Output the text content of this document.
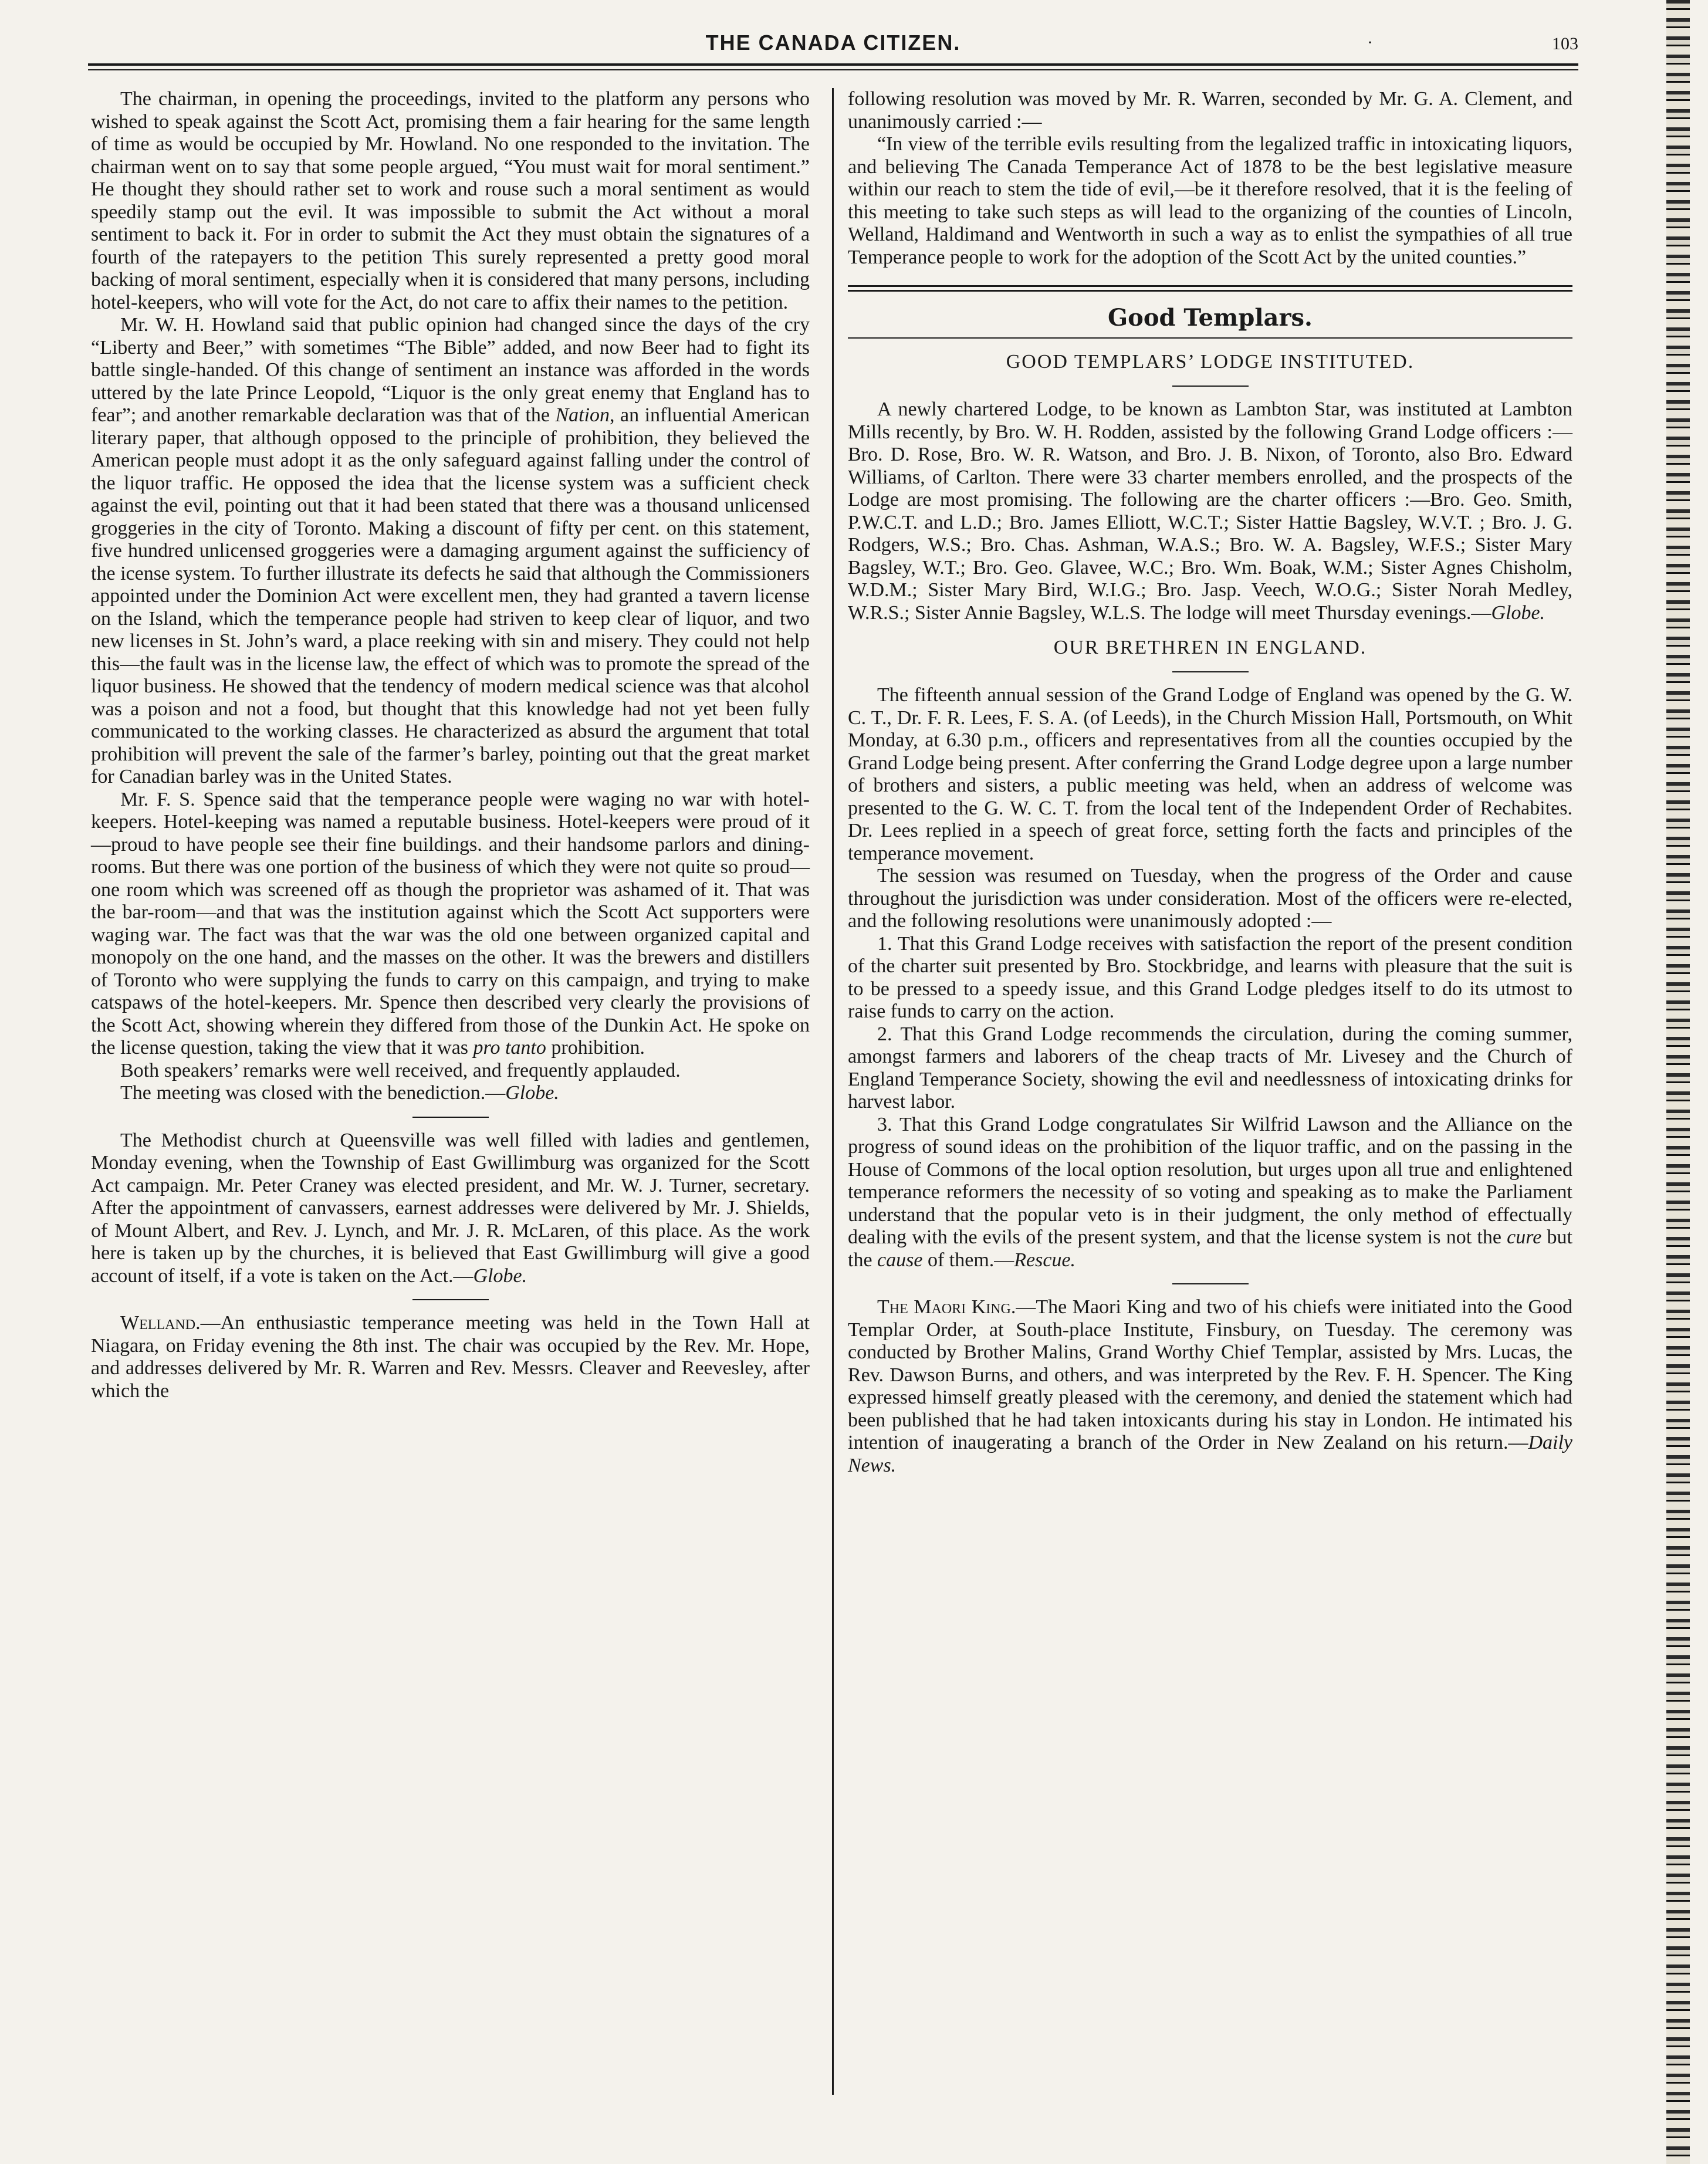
THE CANADA CITIZEN.	·	103

The chairman, in opening the proceedings, invited to the platform any persons who wished to speak against the Scott Act, promising them a fair hearing for the same length of time as would be occupied by Mr. Howland. No one responded to the invitation. The chairman went on to say that some people argued, “You must wait for moral sentiment.” He thought they should rather set to work and rouse such a moral sentiment as would speedily stamp out the evil. It was impossible to submit the Act without a moral sentiment to back it. For in order to submit the Act they must obtain the signatures of a fourth of the ratepayers to the petition This surely represented a pretty good moral backing of moral sentiment, especially when it is considered that many persons, including hotel-keepers, who will vote for the Act, do not care to affix their names to the petition.

Mr. W. H. Howland said that public opinion had changed since the days of the cry “Liberty and Beer,” with sometimes “The Bible” added, and now Beer had to fight its battle single-handed. Of this change of sentiment an instance was afforded in the words uttered by the late Prince Leopold, “Liquor is the only great enemy that England has to fear”; and another remarkable declaration was that of the Nation, an influential American literary paper, that although opposed to the principle of prohibition, they believed the American people must adopt it as the only safeguard against falling under the control of the liquor traffic. He opposed the idea that the license system was a sufficient check against the evil, pointing out that it had been stated that there was a thousand unlicensed groggeries in the city of Toronto. Making a discount of fifty per cent. on this statement, five hundred unlicensed groggeries were a damaging argument against the sufficiency of the icense system. To further illustrate its defects he said that although the Commissioners appointed under the Dominion Act were excellent men, they had granted a tavern license on the Island, which the temperance people had striven to keep clear of liquor, and two new licenses in St. John’s ward, a place reeking with sin and misery. They could not help this—the fault was in the license law, the effect of which was to promote the spread of the liquor business. He showed that the tendency of modern medical science was that alcohol was a poison and not a food, but thought that this knowledge had not yet been fully communicated to the working classes. He characterized as absurd the argument that total prohibition will prevent the sale of the farmer’s barley, pointing out that the great market for Canadian barley was in the United States.

Mr. F. S. Spence said that the temperance people were waging no war with hotel-keepers. Hotel-keeping was named a reputable business. Hotel-keepers were proud of it—proud to have people see their fine buildings. and their handsome parlors and dining-rooms. But there was one portion of the business of which they were not quite so proud—one room which was screened off as though the proprietor was ashamed of it. That was the bar-room—and that was the institution against which the Scott Act supporters were waging war. The fact was that the war was the old one between organized capital and monopoly on the one hand, and the masses on the other. It was the brewers and distillers of Toronto who were supplying the funds to carry on this campaign, and trying to make catspaws of the hotel-keepers. Mr. Spence then described very clearly the provisions of the Scott Act, showing wherein they differed from those of the Dunkin Act. He spoke on the license question, taking the view that it was pro tanto prohibition.

Both speakers’ remarks were well received, and frequently applauded.

The meeting was closed with the benediction.—Globe.

The Methodist church at Queensville was well filled with ladies and gentlemen, Monday evening, when the Township of East Gwillimburg was organized for the Scott Act campaign. Mr. Peter Craney was elected president, and Mr. W. J. Turner, secretary. After the appointment of canvassers, earnest addresses were delivered by Mr. J. Shields, of Mount Albert, and Rev. J. Lynch, and Mr. J. R. McLaren, of this place. As the work here is taken up by the churches, it is believed that East Gwillimburg will give a good account of itself, if a vote is taken on the Act.—Globe.

Welland.—An enthusiastic temperance meeting was held in the Town Hall at Niagara, on Friday evening the 8th inst. The chair was occupied by the Rev. Mr. Hope, and addresses delivered by Mr. R. Warren and Rev. Messrs. Cleaver and Reevesley, after which the

following resolution was moved by Mr. R. Warren, seconded by Mr. G. A. Clement, and unanimously carried :—

“In view of the terrible evils resulting from the legalized traffic in intoxicating liquors, and believing The Canada Temperance Act of 1878 to be the best legislative measure within our reach to stem the tide of evil,—be it therefore resolved, that it is the feeling of this meeting to take such steps as will lead to the organizing of the counties of Lincoln, Welland, Haldimand and Wentworth in such a way as to enlist the sympathies of all true Temperance people to work for the adoption of the Scott Act by the united counties.”

Good Templars.
GOOD TEMPLARS’ LODGE INSTITUTED.

A newly chartered Lodge, to be known as Lambton Star, was instituted at Lambton Mills recently, by Bro. W. H. Rodden, assisted by the following Grand Lodge officers :—Bro. D. Rose, Bro. W. R. Watson, and Bro. J. B. Nixon, of Toronto, also Bro. Edward Williams, of Carlton. There were 33 charter members enrolled, and the prospects of the Lodge are most promising. The following are the charter officers :—Bro. Geo. Smith, P.W.C.T. and L.D.; Bro. James Elliott, W.C.T.; Sister Hattie Bagsley, W.V.T. ; Bro. J. G. Rodgers, W.S.; Bro. Chas. Ashman, W.A.S.; Bro. W. A. Bagsley, W.F.S.; Sister Mary Bagsley, W.T.; Bro. Geo. Glavee, W.C.; Bro. Wm. Boak, W.M.; Sister Agnes Chisholm, W.D.M.; Sister Mary Bird, W.I.G.; Bro. Jasp. Veech, W.O.G.; Sister Norah Medley, W.R.S.; Sister Annie Bagsley, W.L.S. The lodge will meet Thursday evenings.—Globe.

OUR BRETHREN IN ENGLAND.

The fifteenth annual session of the Grand Lodge of England was opened by the G. W. C. T., Dr. F. R. Lees, F. S. A. (of Leeds), in the Church Mission Hall, Portsmouth, on Whit Monday, at 6.30 p.m., officers and representatives from all the counties occupied by the Grand Lodge being present. After conferring the Grand Lodge degree upon a large number of brothers and sisters, a public meeting was held, when an address of welcome was presented to the G. W. C. T. from the local tent of the Independent Order of Rechabites. Dr. Lees replied in a speech of great force, setting forth the facts and principles of the temperance movement.

The session was resumed on Tuesday, when the progress of the Order and cause throughout the jurisdiction was under consideration. Most of the officers were re-elected, and the following resolutions were unanimously adopted :—

1. That this Grand Lodge receives with satisfaction the report of the present condition of the charter suit presented by Bro. Stockbridge, and learns with pleasure that the suit is to be pressed to a speedy issue, and this Grand Lodge pledges itself to do its utmost to raise funds to carry on the action.

2. That this Grand Lodge recommends the circulation, during the coming summer, amongst farmers and laborers of the cheap tracts of Mr. Livesey and the Church of England Temperance Society, showing the evil and needlessness of intoxicating drinks for harvest labor.

3. That this Grand Lodge congratulates Sir Wilfrid Lawson and the Alliance on the progress of sound ideas on the prohibition of the liquor traffic, and on the passing in the House of Commons of the local option resolution, but urges upon all true and enlightened temperance reformers the necessity of so voting and speaking as to make the Parliament understand that the popular veto is in their judgment, the only method of effectually dealing with the evils of the present system, and that the license system is not the cure but the cause of them.—Rescue.

The Maori King.—The Maori King and two of his chiefs were initiated into the Good Templar Order, at South-place Institute, Finsbury, on Tuesday. The ceremony was conducted by Brother Malins, Grand Worthy Chief Templar, assisted by Mrs. Lucas, the Rev. Dawson Burns, and others, and was interpreted by the Rev. F. H. Spencer. The King expressed himself greatly pleased with the ceremony, and denied the statement which had been published that he had taken intoxicants during his stay in London. He intimated his intention of inaugerating a branch of the Order in New Zealand on his return.—Daily News.
